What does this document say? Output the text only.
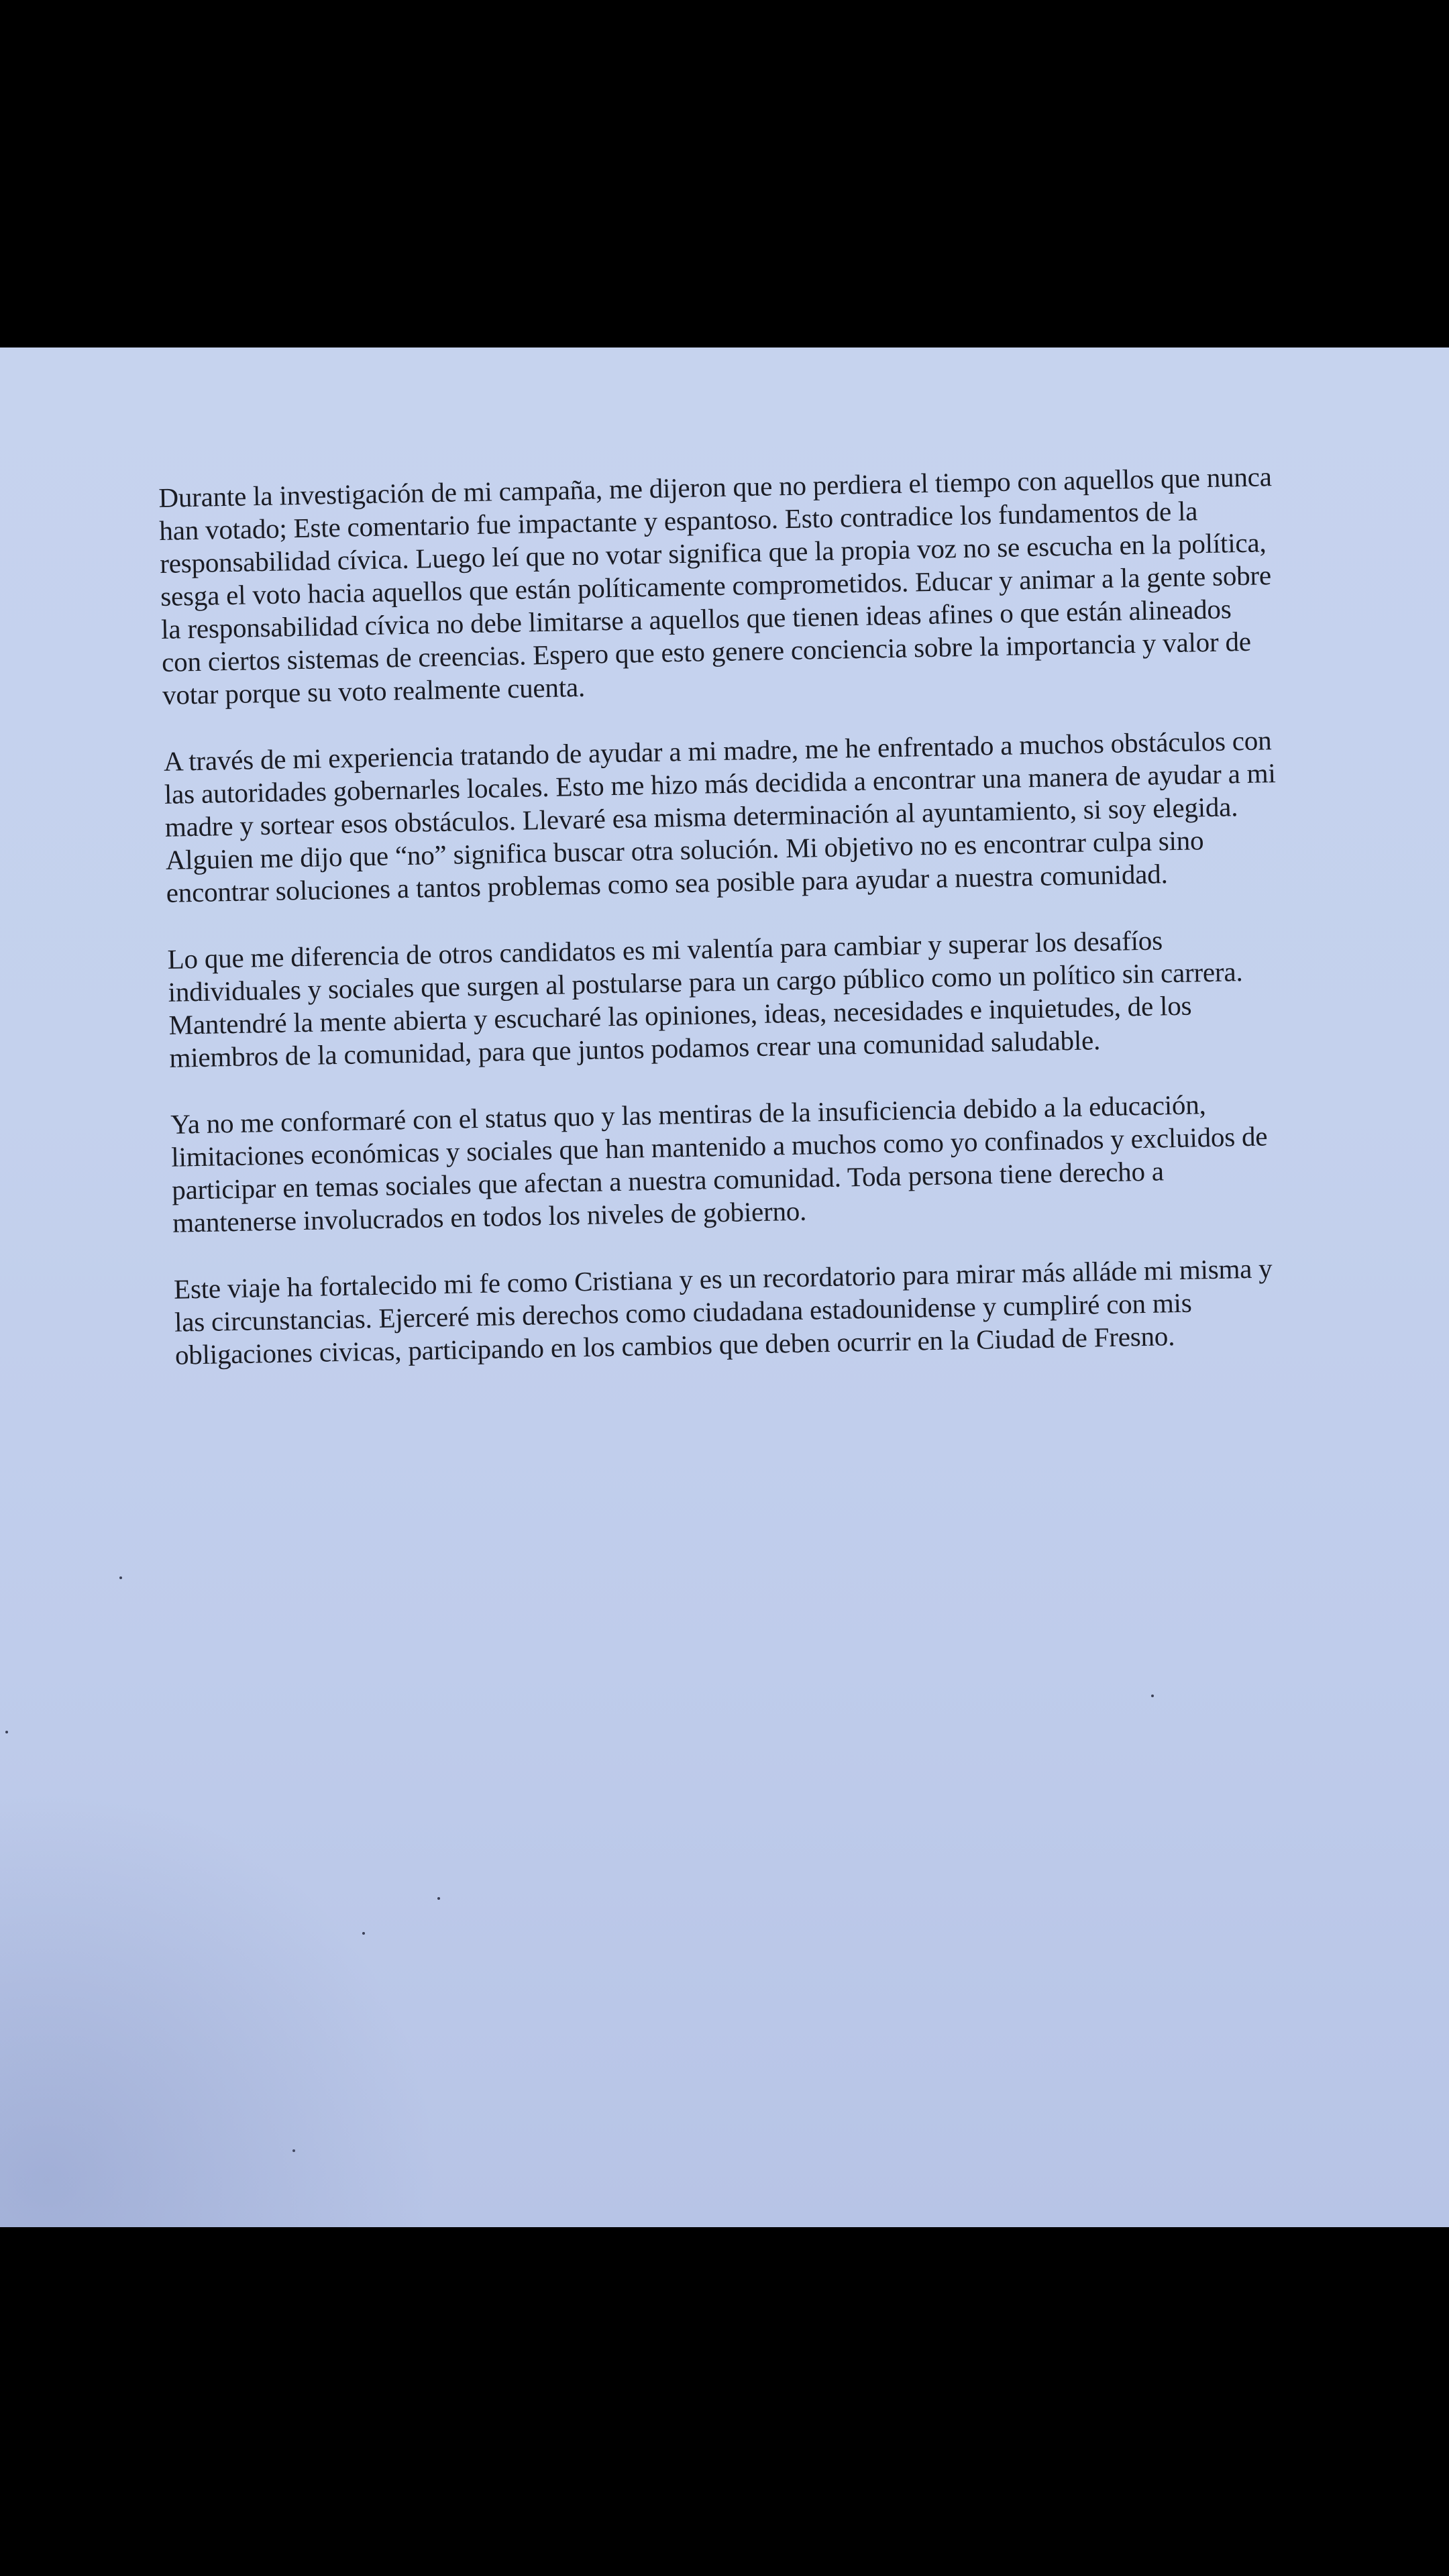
Durante la investigación de mi campaña, me dijeron que no perdiera el tiempo con aquellos que nunca han votado; Este comentario fue impactante y espantoso. Esto contradice los fundamentos de la responsabilidad cívica. Luego leí que no votar significa que la propia voz no se escucha en la política, sesga el voto hacia aquellos que están políticamente comprometidos. Educar y animar a la gente sobre la responsabilidad cívica no debe limitarse a aquellos que tienen ideas afines o que están alineados con ciertos sistemas de creencias. Espero que esto genere conciencia sobre la importancia y valor de votar porque su voto realmente cuenta.

A través de mi experiencia tratando de ayudar a mi madre, me he enfrentado a muchos obstáculos con las autoridades gobernarles locales. Esto me hizo más decidida a encontrar una manera de ayudar a mi madre y sortear esos obstáculos. Llevaré esa misma determinación al ayuntamiento, si soy elegida. Alguien me dijo que “no” significa buscar otra solución. Mi objetivo no es encontrar culpa sino encontrar soluciones a tantos problemas como sea posible para ayudar a nuestra comunidad.

Lo que me diferencia de otros candidatos es mi valentía para cambiar y superar los desafíos individuales y sociales que surgen al postularse para un cargo público como un político sin carrera. Mantendré la mente abierta y escucharé las opiniones, ideas, necesidades e inquietudes, de los miembros de la comunidad, para que juntos podamos crear una comunidad saludable.

Ya no me conformaré con el status quo y las mentiras de la insuficiencia debido a la educación, limitaciones económicas y sociales que han mantenido a muchos como yo confinados y excluidos de participar en temas sociales que afectan a nuestra comunidad. Toda persona tiene derecho a mantenerse involucrados en todos los niveles de gobierno.

Este viaje ha fortalecido mi fe como Cristiana y es un recordatorio para mirar más alláde mi misma y las circunstancias. Ejerceré mis derechos como ciudadana estadounidense y cumpliré con mis obligaciones civicas, participando en los cambios que deben ocurrir en la Ciudad de Fresno.
